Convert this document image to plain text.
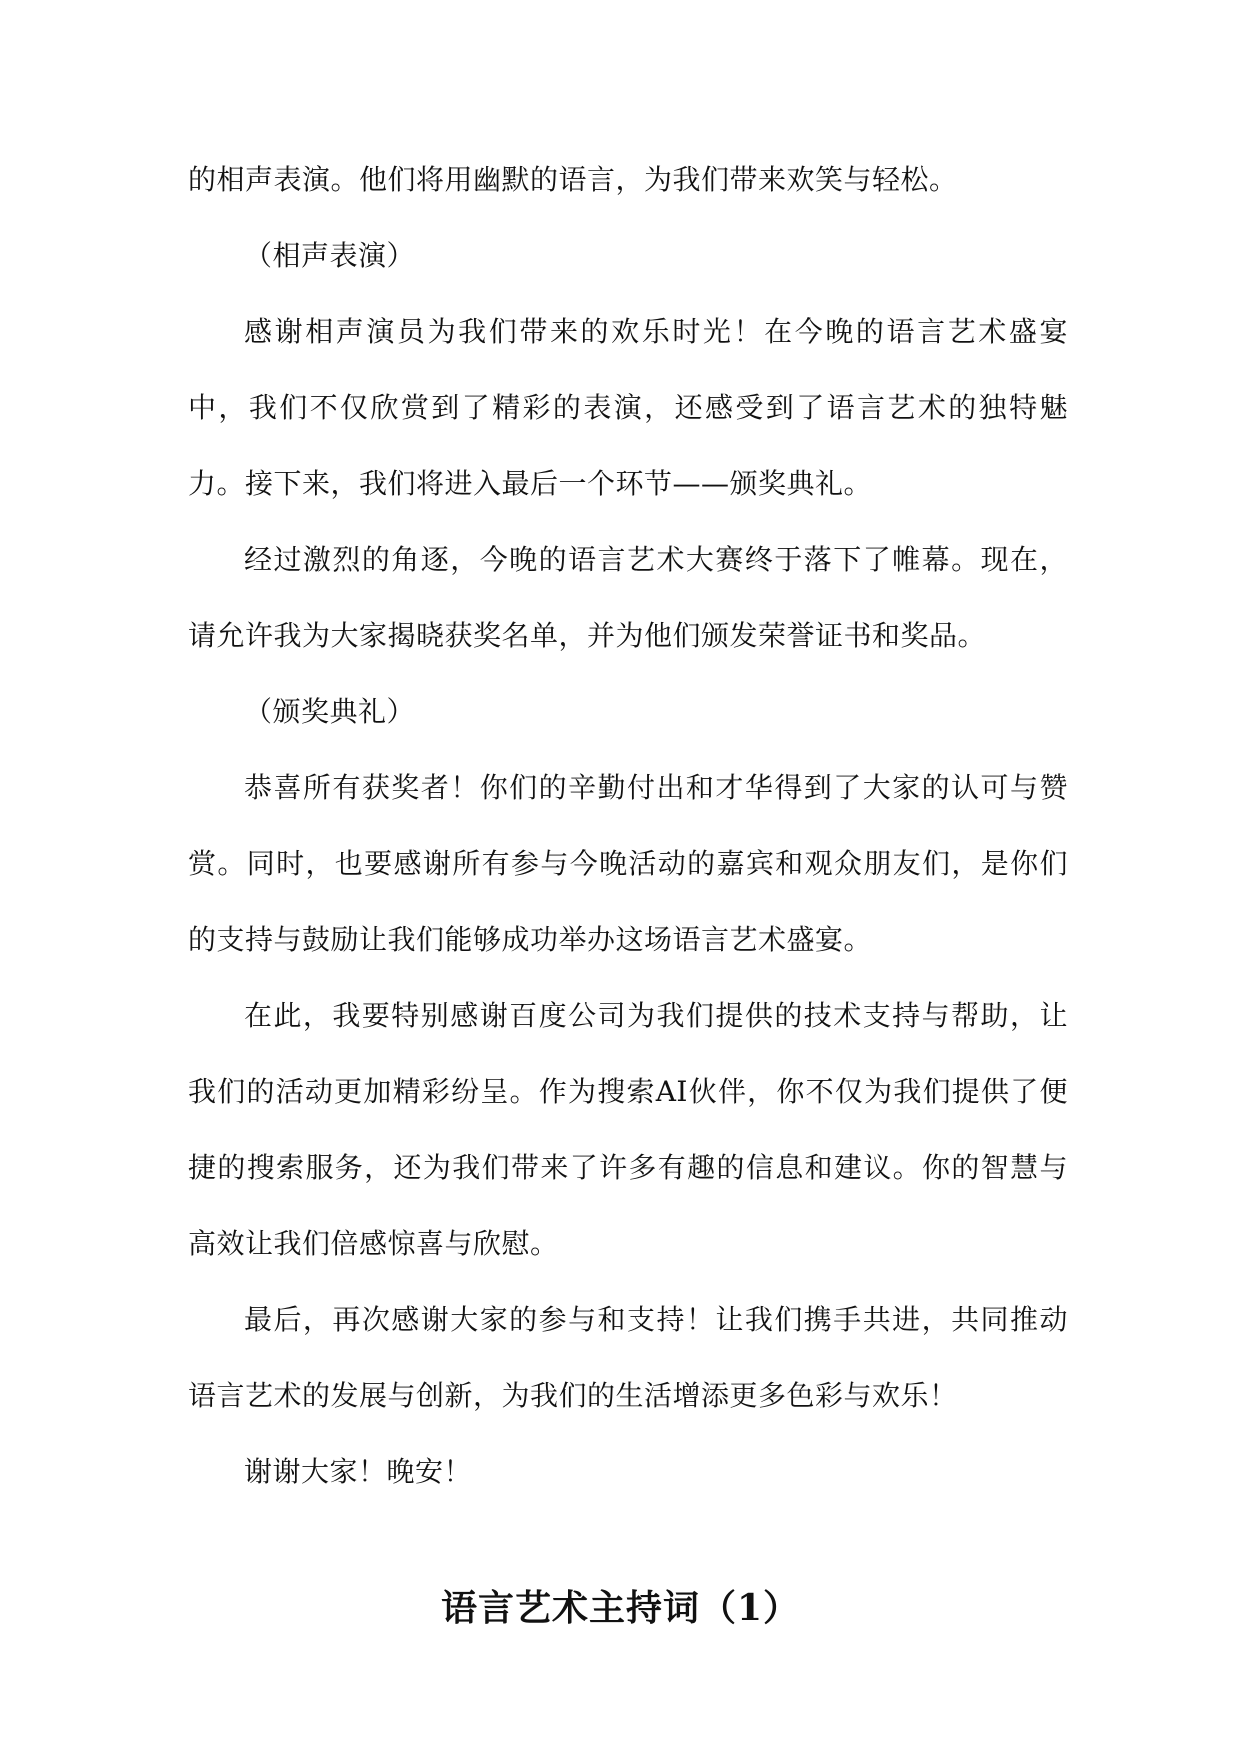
的相声表演。他们将用幽默的语言，为我们带来欢笑与轻松。

（相声表演）

感谢相声演员为我们带来的欢乐时光！在今晚的语言艺术盛宴中，我们不仅欣赏到了精彩的表演，还感受到了语言艺术的独特魅力。接下来，我们将进入最后一个环节——颁奖典礼。

经过激烈的角逐，今晚的语言艺术大赛终于落下了帷幕。现在，请允许我为大家揭晓获奖名单，并为他们颁发荣誉证书和奖品。

（颁奖典礼）

恭喜所有获奖者！你们的辛勤付出和才华得到了大家的认可与赞赏。同时，也要感谢所有参与今晚活动的嘉宾和观众朋友们，是你们的支持与鼓励让我们能够成功举办这场语言艺术盛宴。

在此，我要特别感谢百度公司为我们提供的技术支持与帮助，让我们的活动更加精彩纷呈。作为搜索AI伙伴，你不仅为我们提供了便捷的搜索服务，还为我们带来了许多有趣的信息和建议。你的智慧与高效让我们倍感惊喜与欣慰。

最后，再次感谢大家的参与和支持！让我们携手共进，共同推动语言艺术的发展与创新，为我们的生活增添更多色彩与欢乐！

谢谢大家！晚安！

语言艺术主持词（1）
